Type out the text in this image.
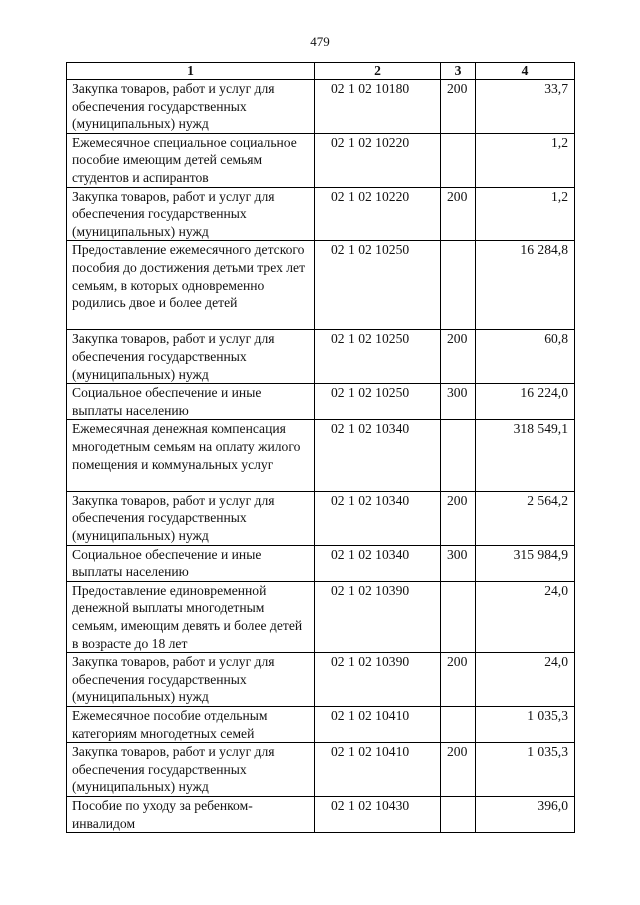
479
1	2	3	4
Закупка товаров, работ и услуг для обеспечения государственных (муниципальных) нужд	02 1 02 10180	200	33,7
Ежемесячное специальное социальное пособие имеющим детей семьям студентов и аспирантов	02 1 02 10220		1,2
Закупка товаров, работ и услуг для обеспечения государственных (муниципальных) нужд	02 1 02 10220	200	1,2
Предоставление ежемесячного детского пособия до достижения детьми трех лет семьям, в которых одновременно родились двое и более детей	02 1 02 10250		16 284,8
Закупка товаров, работ и услуг для обеспечения государственных (муниципальных) нужд	02 1 02 10250	200	60,8
Социальное обеспечение и иные выплаты населению	02 1 02 10250	300	16 224,0
Ежемесячная денежная компенсация многодетным семьям на оплату жилого помещения и коммунальных услуг	02 1 02 10340		318 549,1
Закупка товаров, работ и услуг для обеспечения государственных (муниципальных) нужд	02 1 02 10340	200	2 564,2
Социальное обеспечение и иные выплаты населению	02 1 02 10340	300	315 984,9
Предоставление единовременной денежной выплаты многодетным семьям, имеющим девять и более детей в возрасте до 18 лет	02 1 02 10390		24,0
Закупка товаров, работ и услуг для обеспечения государственных (муниципальных) нужд	02 1 02 10390	200	24,0
Ежемесячное пособие отдельным категориям многодетных семей	02 1 02 10410		1 035,3
Закупка товаров, работ и услуг для обеспечения государственных (муниципальных) нужд	02 1 02 10410	200	1 035,3
Пособие по уходу за ребенком-инвалидом	02 1 02 10430		396,0
